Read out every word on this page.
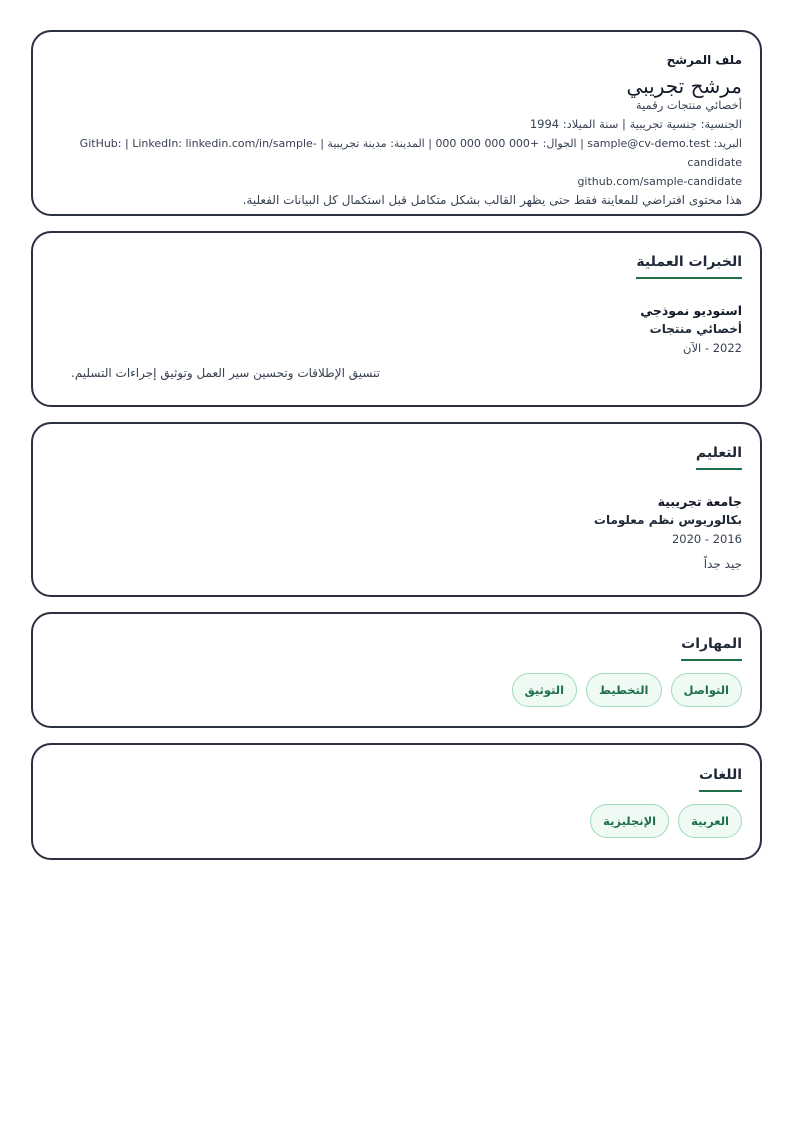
ملف المرشح
مرشح تجريبي
أخصائي منتجات رقمية
الجنسية: جنسية تجريبية | سنة الميلاد: 1994
البريد: sample@cv-demo.test | الجوال: +000 000 000 000 | المدينة: مدينة تجريبية | GitHub: | LinkedIn: linkedin.com/in/sample-candidate
github.com/sample-candidate
هذا محتوى افتراضي للمعاينة فقط حتى يظهر القالب بشكل متكامل قبل استكمال كل البيانات الفعلية.
الخبرات العملية
استوديو نموذجي
أخصائي منتجات
2022 - الآن
تنسيق الإطلاقات وتحسين سير العمل وتوثيق إجراءات التسليم.
التعليم
جامعة تجريبية
بكالوريوس نظم معلومات
2016 - 2020
جيد جداً
المهارات
التواصل
التخطيط
التوثيق
اللغات
العربية
الإنجليزية
